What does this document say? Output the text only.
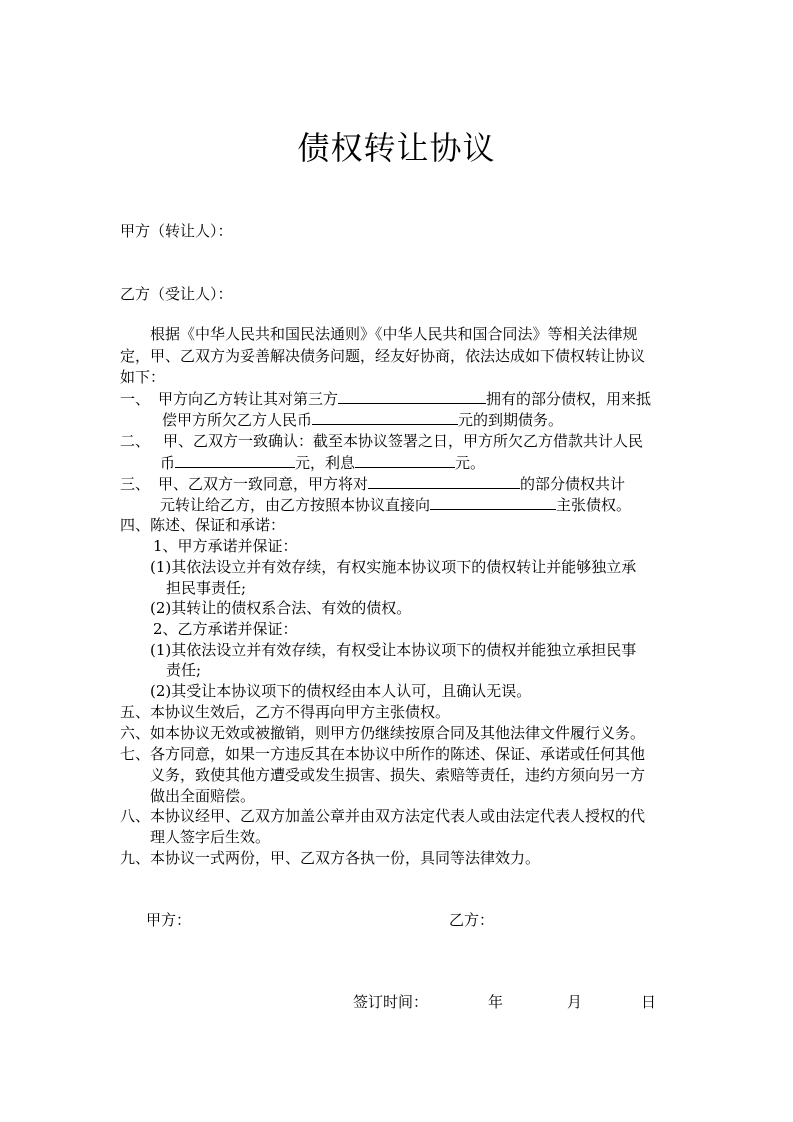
债权转让协议
甲方（转让人）：
乙方（受让人）：
根据《中华人民共和国民法通则》《中华人民共和国合同法》等相关法律规
定，甲、乙双方为妥善解决债务问题，经友好协商，依法达成如下债权转让协议
如下：
一、 甲方向乙方转让其对第三方	拥有的部分债权，用来抵
偿甲方所欠乙方人民币	元的到期债务。
二、 甲、乙双方一致确认：截至本协议签署之日，甲方所欠乙方借款共计人民
币	元，利息	元。
三、 甲、乙双方一致同意，甲方将对	的部分债权共计
元转让给乙方，由乙方按照本协议直接向	主张债权。
四、陈述、保证和承诺：
1、甲方承诺并保证：
(1)其依法设立并有效存续，有权实施本协议项下的债权转让并能够独立承
担民事责任;
(2)其转让的债权系合法、有效的债权。
2、乙方承诺并保证：
(1)其依法设立并有效存续，有权受让本协议项下的债权并能独立承担民事
责任;
(2)其受让本协议项下的债权经由本人认可，且确认无误。
五、本协议生效后，乙方不得再向甲方主张债权。
六、如本协议无效或被撤销，则甲方仍继续按原合同及其他法律文件履行义务。
七、各方同意，如果一方违反其在本协议中所作的陈述、保证、承诺或任何其他
义务，致使其他方遭受或发生损害、损失、索赔等责任，违约方须向另一方
做出全面赔偿。
八、本协议经甲、乙双方加盖公章并由双方法定代表人或由法定代表人授权的代
理人签字后生效。
九、本协议一式两份，甲、乙双方各执一份，具同等法律效力。
甲方：	乙方：
签订时间：	年	月	日
